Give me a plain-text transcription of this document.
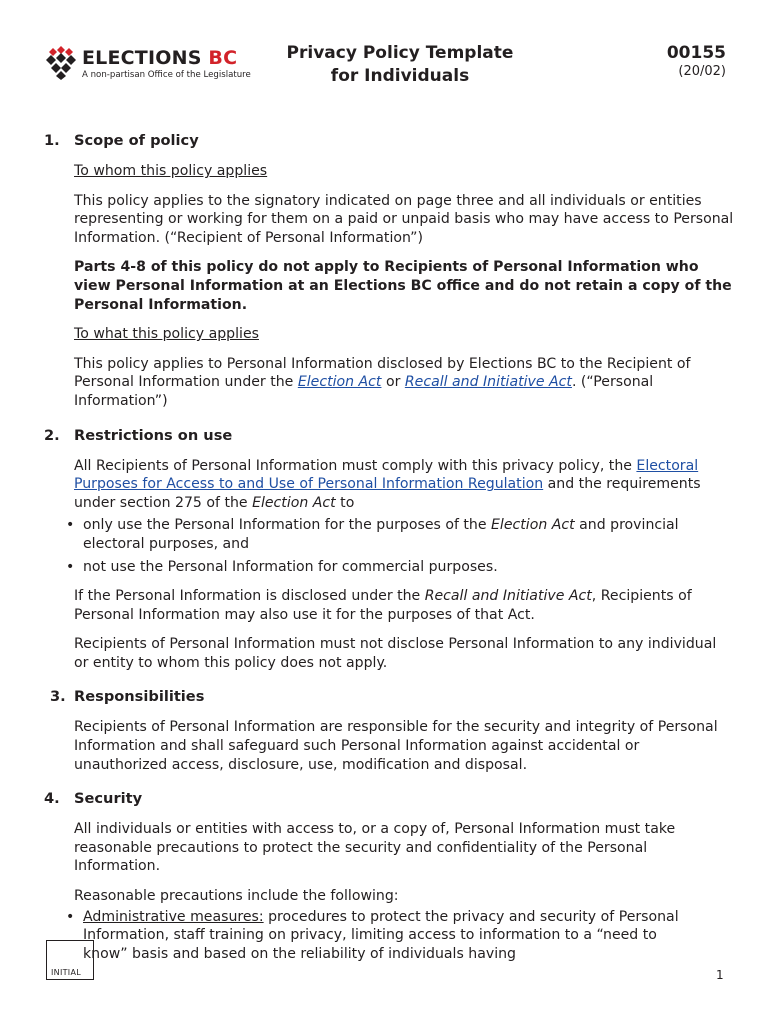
ELECTIONS BC
A non-partisan Office of the Legislature
Privacy Policy Template
for Individuals
00155
(20/02)
1. Scope of policy

To whom this policy applies

This policy applies to the signatory indicated on page three and all individuals or entities representing or working for them on a paid or unpaid basis who may have access to Personal Information. (“Recipient of Personal Information”)

Parts 4-8 of this policy do not apply to Recipients of Personal Information who view Personal Information at an Elections BC office and do not retain a copy of the Personal Information.

To what this policy applies

This policy applies to Personal Information disclosed by Elections BC to the Recipient of Personal Information under the Election Act or Recall and Initiative Act. (“Personal Information”)

2. Restrictions on use

All Recipients of Personal Information must comply with this privacy policy, the Electoral Purposes for Access to and Use of Personal Information Regulation and the requirements under section 275 of the Election Act to

• only use the Personal Information for the purposes of the Election Act and provincial electoral purposes, and
• not use the Personal Information for commercial purposes.

If the Personal Information is disclosed under the Recall and Initiative Act, Recipients of Personal Information may also use it for the purposes of that Act.

Recipients of Personal Information must not disclose Personal Information to any individual or entity to whom this policy does not apply.

3. Responsibilities

Recipients of Personal Information are responsible for the security and integrity of Personal Information and shall safeguard such Personal Information against accidental or unauthorized access, disclosure, use, modification and disposal.

4. Security

All individuals or entities with access to, or a copy of, Personal Information must take reasonable precautions to protect the security and confidentiality of the Personal Information.

Reasonable precautions include the following:

• Administrative measures: procedures to protect the privacy and security of Personal Information, staff training on privacy, limiting access to information to a “need to know” basis and based on the reliability of individuals having
INITIAL	1
